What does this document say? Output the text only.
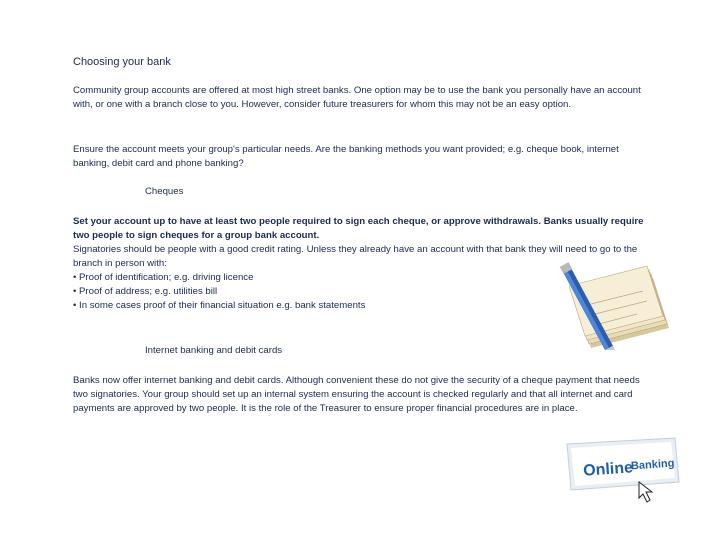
Choosing your bank

Community group accounts are offered at most high street banks. One option may be to use the bank you personally have an account with, or one with a branch close to you. However, consider future treasurers for whom this may not be an easy option.

Ensure the account meets your group's particular needs. Are the banking methods you want provided; e.g. cheque book, internet banking, debit card and phone banking?

Cheques
Set your account up to have at least two people required to sign each cheque, or approve withdrawals. Banks usually require two people to sign cheques for a group bank account.
Signatories should be people with a good credit rating. Unless they already have an account with that bank they will need to go to the branch in person with:
• Proof of identification; e.g. driving licence
• Proof of address; e.g. utilities bill
• In some cases proof of their financial situation e.g. bank statements
Internet banking and debit cards

Banks now offer internet banking and debit cards. Although convenient these do not give the security of a cheque payment that needs two signatories. Your group should set up an internal system ensuring the account is checked regularly and that all internet and card payments are approved by two people. It is the role of the Treasurer to ensure proper financial procedures are in place.

Online
Banking
